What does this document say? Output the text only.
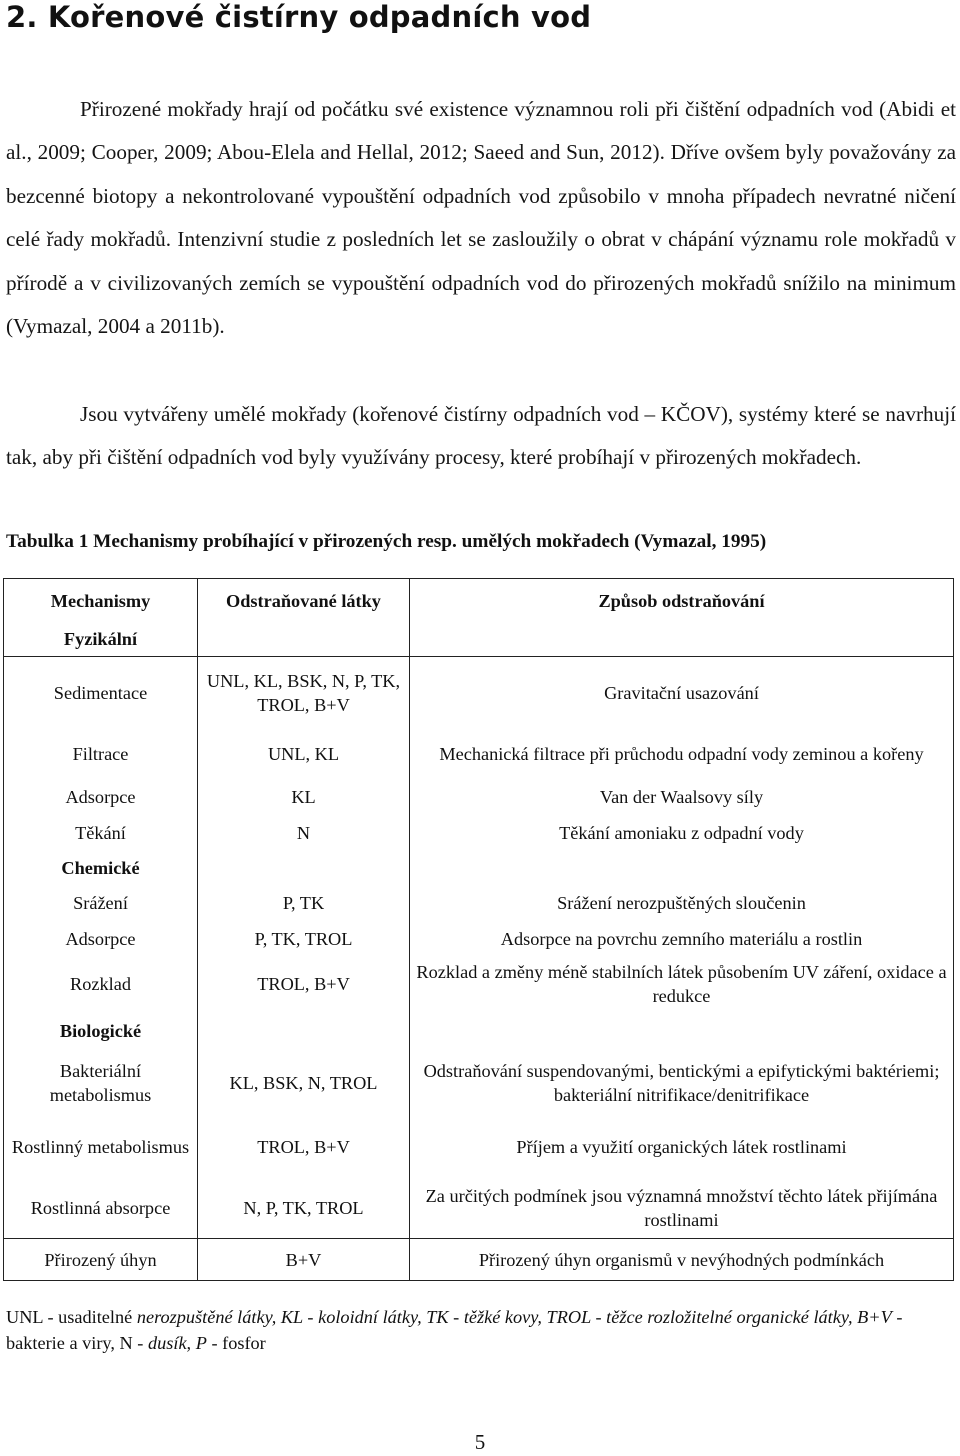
2. Kořenové čistírny odpadních vod

Přirozené mokřady hrají od počátku své existence významnou roli při čištění odpadních vod (Abidi et al., 2009; Cooper, 2009; Abou-Elela and Hellal, 2012; Saeed and Sun, 2012). Dříve ovšem byly považovány za bezcenné biotopy a nekontrolované vypouštění odpadních vod způsobilo v mnoha případech nevratné ničení celé řady mokřadů. Intenzivní studie z posledních let se zasloužily o obrat v chápání významu role mokřadů v přírodě a v civilizovaných zemích se vypouštění odpadních vod do přirozených mokřadů snížilo na minimum (Vymazal, 2004 a 2011b).

Jsou vytvářeny umělé mokřady (kořenové čistírny odpadních vod – KČOV), systémy které se navrhují tak, aby při čištění odpadních vod byly využívány procesy, které probíhají v přirozených mokřadech.

Tabulka 1 Mechanismy probíhající v přirozených resp. umělých mokřadech (Vymazal, 1995)

Mechanismy	Odstraňované látky	Způsob odstraňování
Fyzikální		
Sedimentace	UNL, KL, BSK, N, P, TK, TROL, B+V	Gravitační usazování
Filtrace	UNL, KL	Mechanická filtrace při průchodu odpadní vody zeminou a kořeny
Adsorpce	KL	Van der Waalsovy síly
Těkání	N	Těkání amoniaku z odpadní vody
Chemické		
Srážení	P, TK	Srážení nerozpuštěných sloučenin
Adsorpce	P, TK, TROL	Adsorpce na povrchu zemního materiálu a rostlin
Rozklad	TROL, B+V	Rozklad a změny méně stabilních látek působením UV záření, oxidace a redukce
Biologické		
Bakteriální metabolismus	KL, BSK, N, TROL	Odstraňování suspendovanými, bentickými a epifytickými baktériemi; bakteriální nitrifikace/denitrifikace
Rostlinný metabolismus	TROL, B+V	Příjem a využití organických látek rostlinami
Rostlinná absorpce	N, P, TK, TROL	Za určitých podmínek jsou významná množství těchto látek přijímána rostlinami
Přirozený úhyn	B+V	Přirozený úhyn organismů v nevýhodných podmínkách

UNL - usaditelné nerozpuštěné látky, KL - koloidní látky, TK - těžké kovy, TROL - těžce rozložitelné organické látky, B+V - bakterie a viry, N - dusík, P - fosfor

5
